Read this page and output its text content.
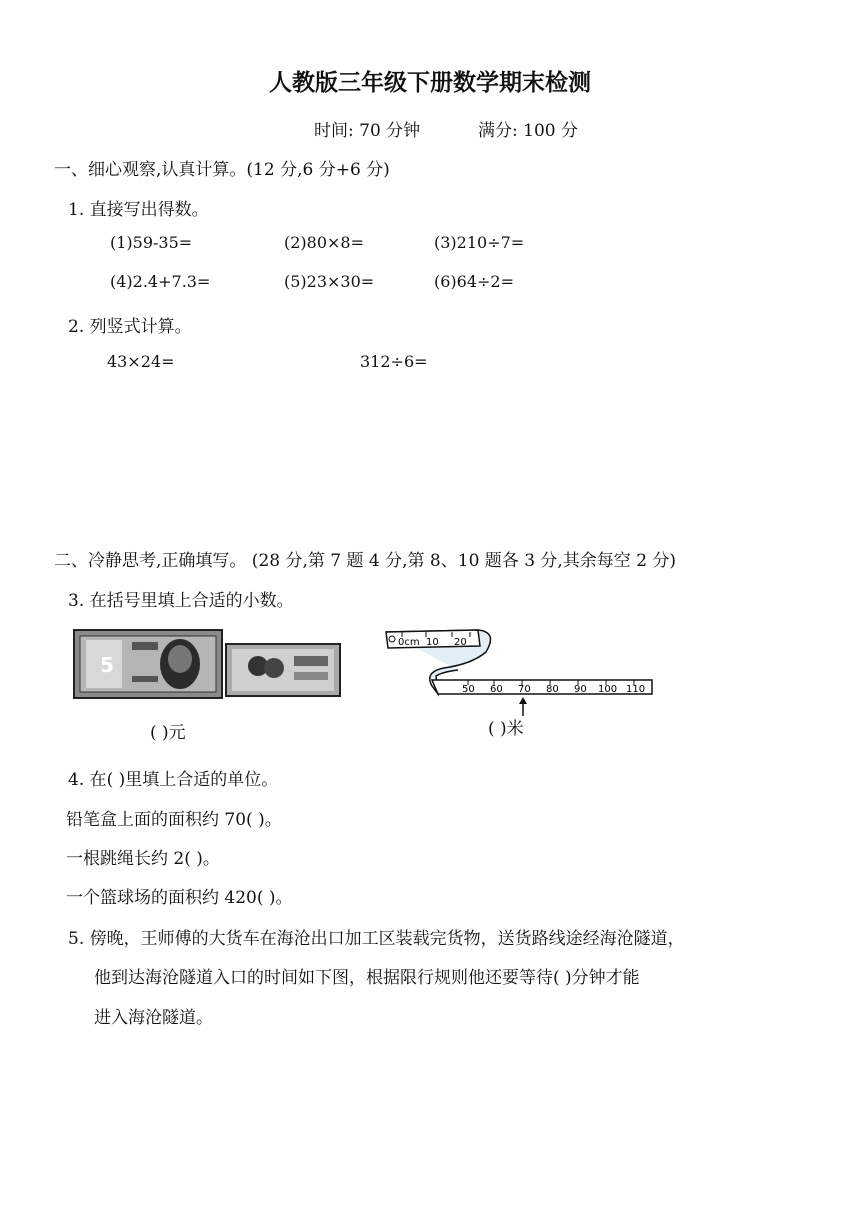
人教版三年级下册数学期末检测
时间: 70 分钟	满分: 100 分
一、细心观察,认真计算。(12 分,6 分+6 分)
1. 直接写出得数。
(1)59-35=	(2)80×8=	(3)210÷7=
(4)2.4+7.3=	(5)23×30=	(6)64÷2=
2. 列竖式计算。
43×24=	312÷6=
二、冷静思考,正确填写。 (28 分,第 7 题 4 分,第 8、10 题各 3 分,其余每空 2 分)
3. 在括号里填上合适的小数。
5
( )元
0cm 10 20
50 60 70 80 90 100 110
( )米
4. 在( )里填上合适的单位。
铅笔盒上面的面积约 70( )。
一根跳绳长约 2( )。
一个篮球场的面积约 420( )。
5. 傍晚，王师傅的大货车在海沧出口加工区装载完货物，送货路线途经海沧隧道，
他到达海沧隧道入口的时间如下图，根据限行规则他还要等待( )分钟才能
进入海沧隧道。
